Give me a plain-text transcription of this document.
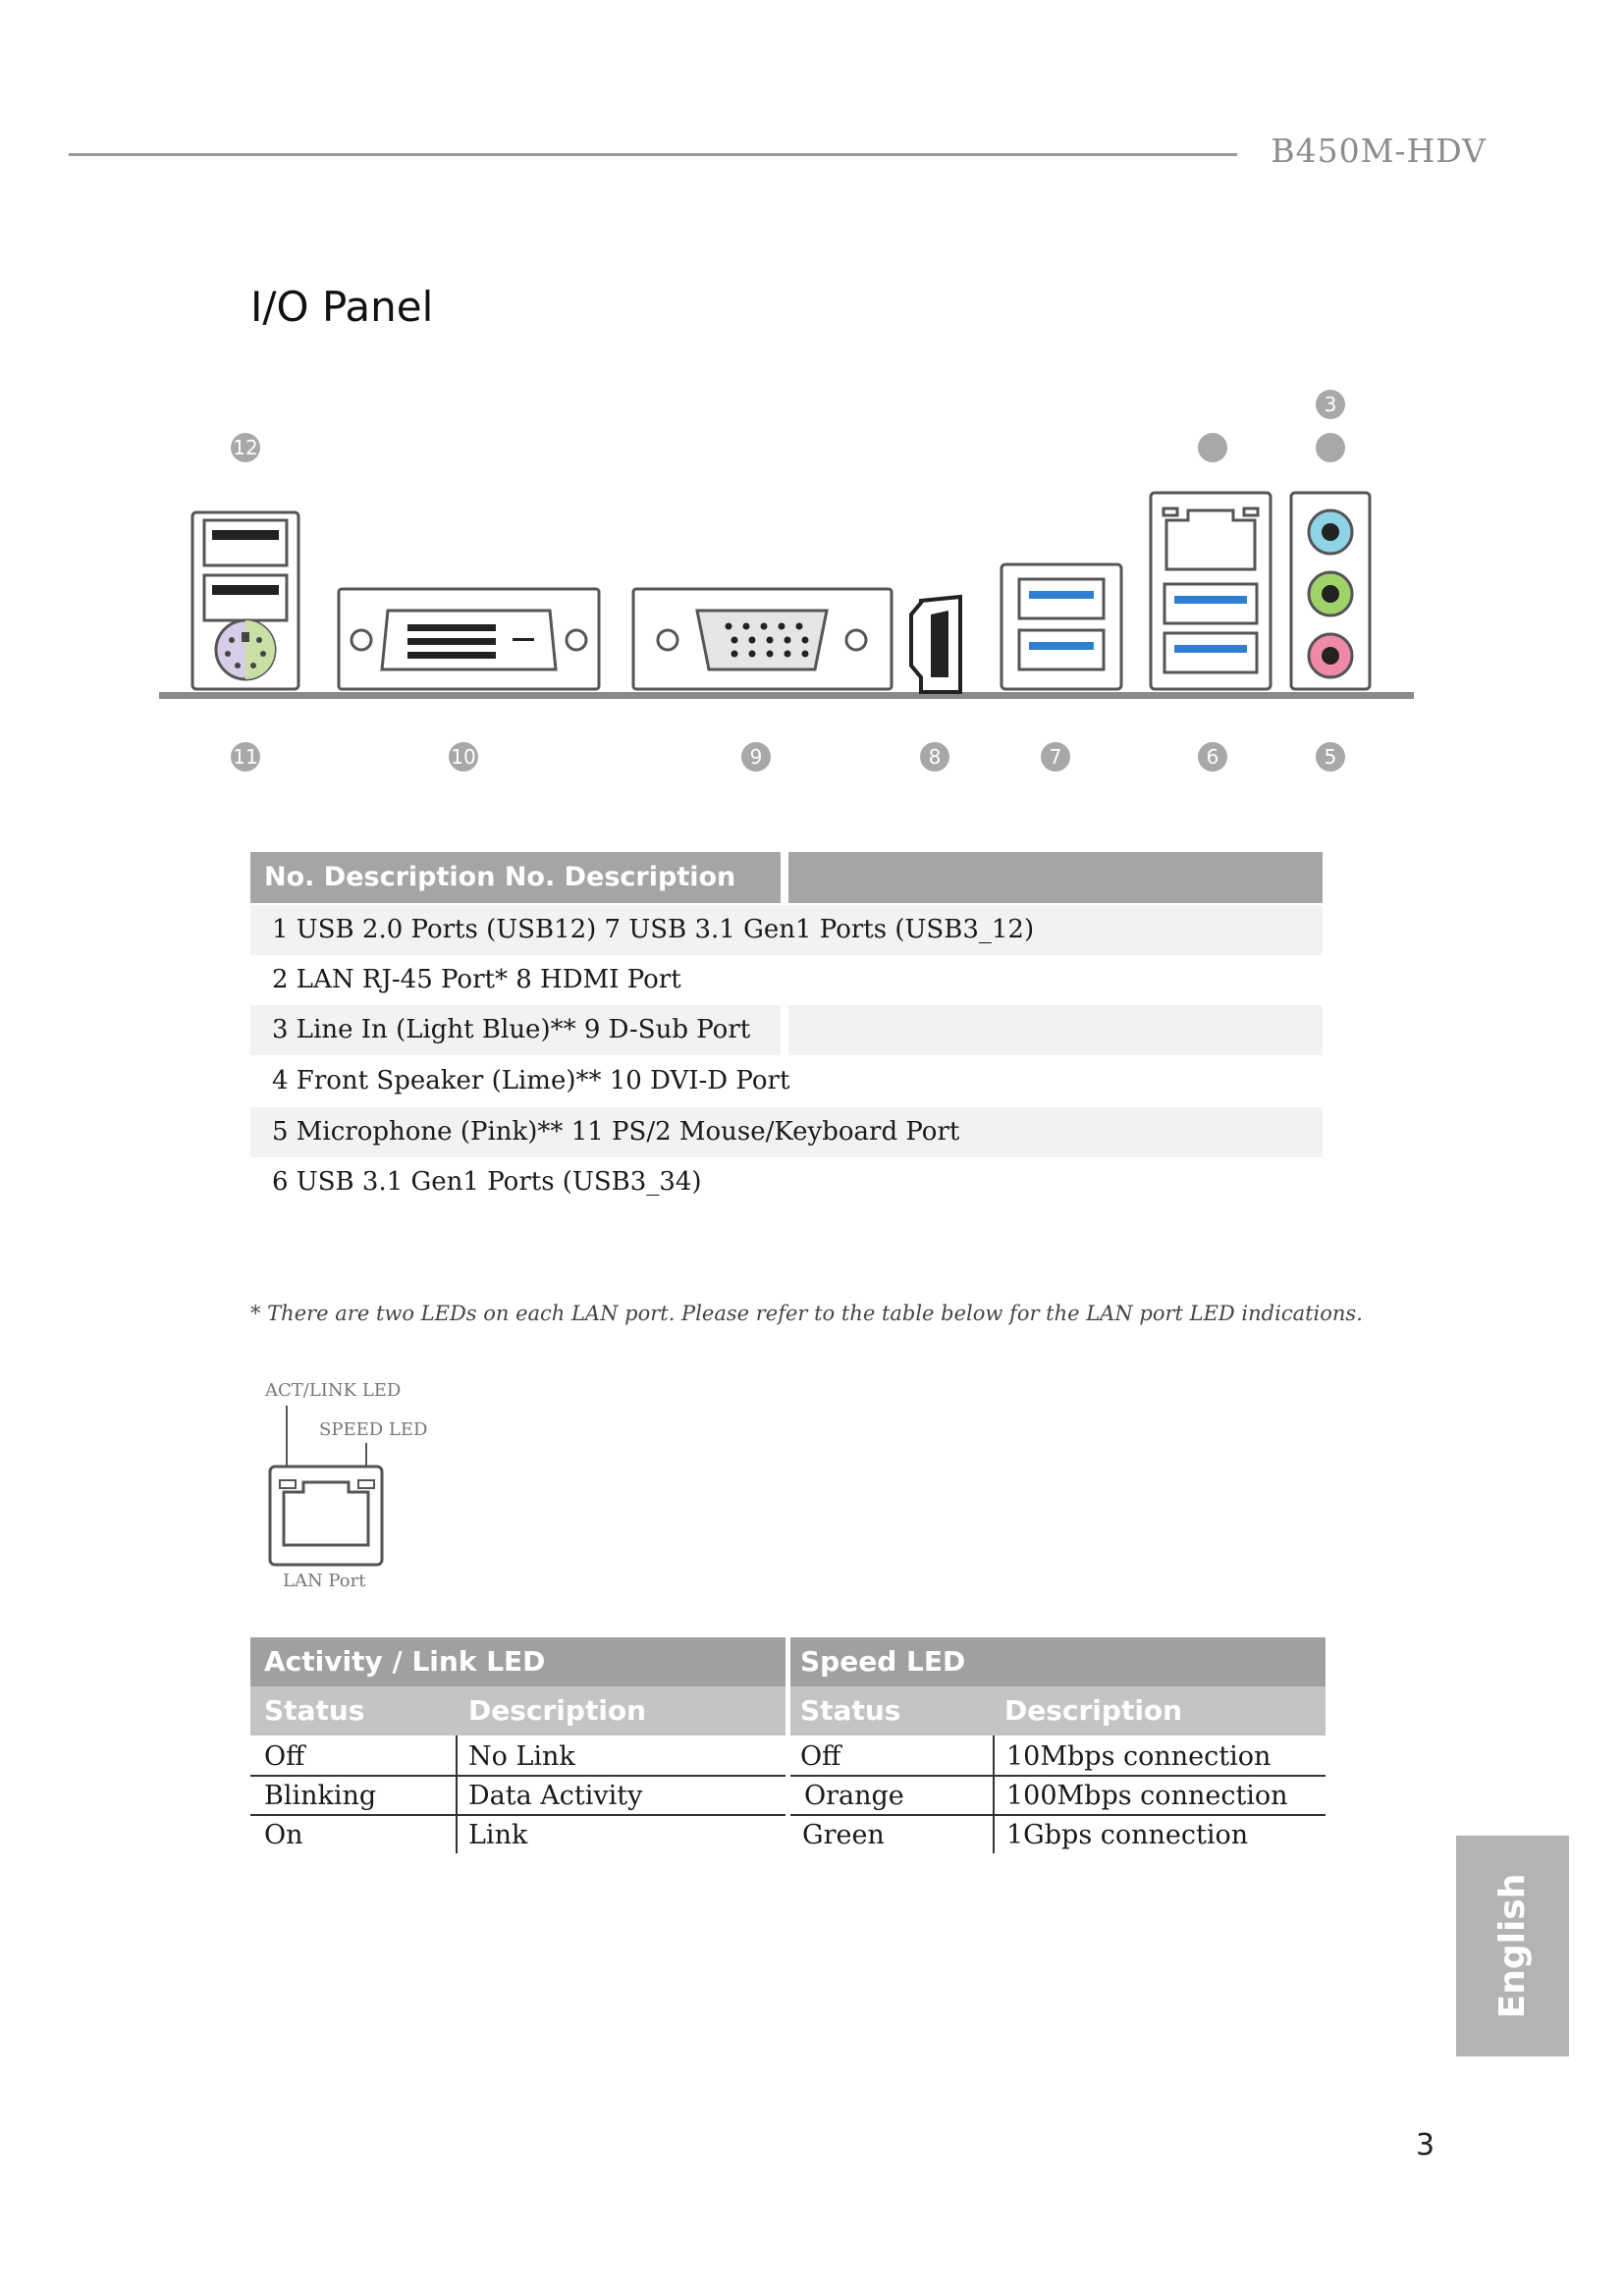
B450M-HDV
I/O Panel
12
3
11	10	9	8	7	6	5
No. Description No. Description
1 USB 2.0 Ports (USB12) 7 USB 3.1 Gen1 Ports (USB3_12)
2 LAN RJ-45 Port* 8 HDMI Port
3 Line In (Light Blue)** 9 D-Sub Port
4 Front Speaker (Lime)** 10 DVI-D Port
5 Microphone (Pink)** 11 PS/2 Mouse/Keyboard Port
6 USB 3.1 Gen1 Ports (USB3_34)
* There are two LEDs on each LAN port. Please refer to the table below for the LAN port LED indications.
ACT/LINK LED
SPEED LED
LAN Port
Activity / Link LED
Status	Description
Off	No Link
Blinking	Data Activity
On	Link
Speed LED
Status	Description
Off	10Mbps connection
Orange	100Mbps connection
Green	1Gbps connection
English
3
